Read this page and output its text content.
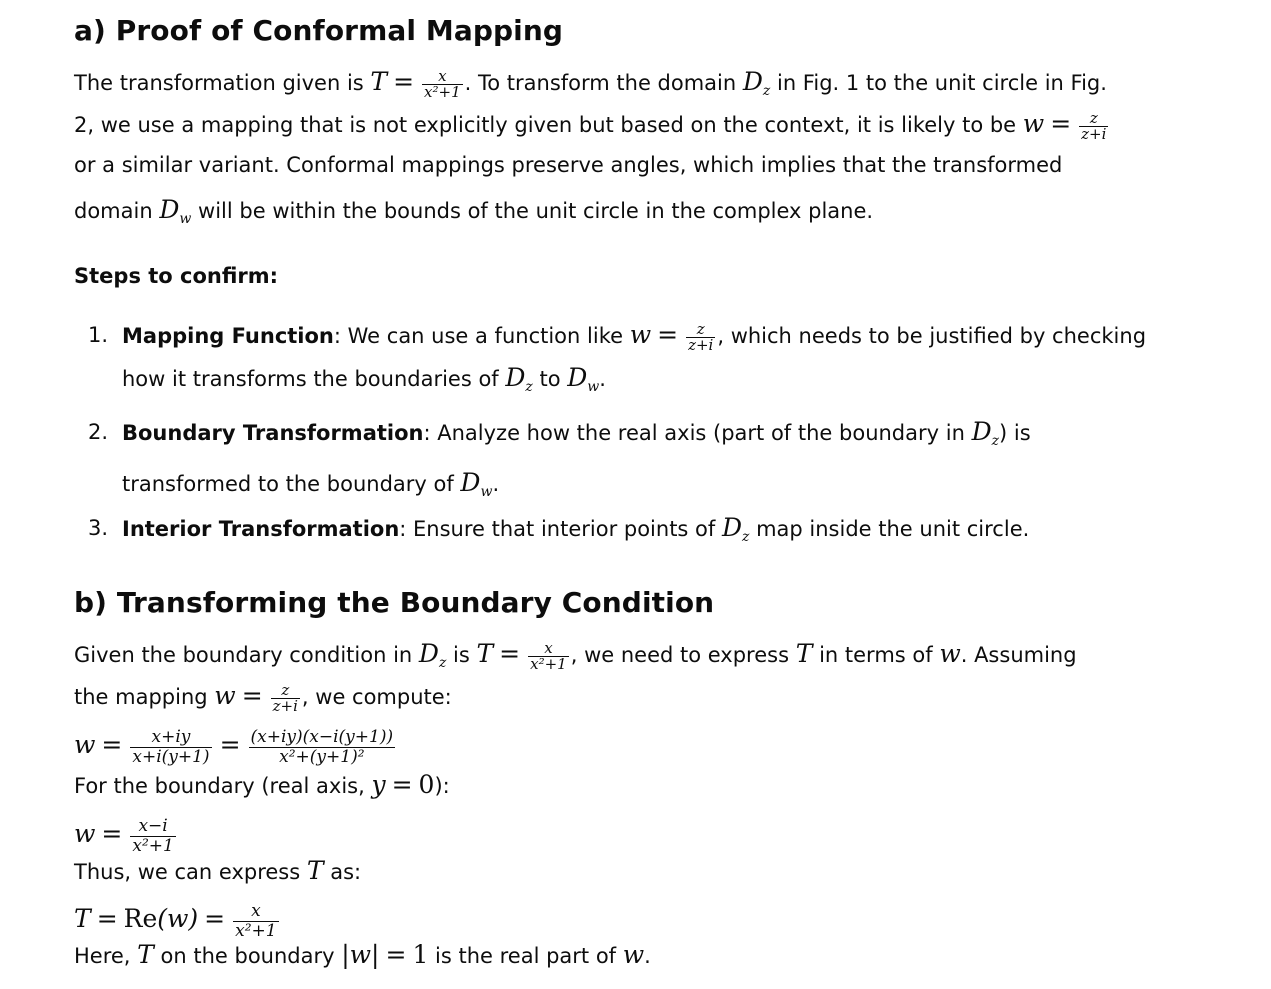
a) Proof of Conformal Mapping
The transformation given is $T = \frac{x}{\text{x²+1}}$ . To transform the domain $D_z$ in Fig. 1 to the unit circle in Fig.
2, we use a mapping that is not explicitly given but based on the context, it is likely to be $w = \frac{z}{z+i}$
or a similar variant. Conformal mappings preserve angles, which implies that the transformed
domain $D_w$ will be within the bounds of the unit circle in the complex plane.
Steps to confirm:
1. Mapping Function: We can use a function like $w = \frac{z}{z+i}$ , which needs to be justified by checking how it transforms the boundaries of $D_z$ to $D_w$.
2. Boundary Transformation: Analyze how the real axis (part of the boundary in $D_z$) is transformed to the boundary of $D_w$.
3. Interior Transformation: Ensure that interior points of $D_z$ map inside the unit circle.
b) Transforming the Boundary Condition
Given the boundary condition in $D_z$ is $T = \frac{x}{\text{x²+1}}$ , we need to express T in terms of w. Assuming
the mapping $w = \frac{z}{z+i}$ , we compute:
$w = \frac{x+iy}{x+i(y+1)} = \frac{(x+iy)(x-i(y+1))}{\text{x²+(y+1)²}}$
For the boundary (real axis, y = 0):
$w = \frac{x-i}{\text{x²+1}}$
Thus, we can express T as:
$T = Re(w) = \frac{x}{\text{x²+1}}$
Here, T on the boundary |w| = 1 is the real part of w.
